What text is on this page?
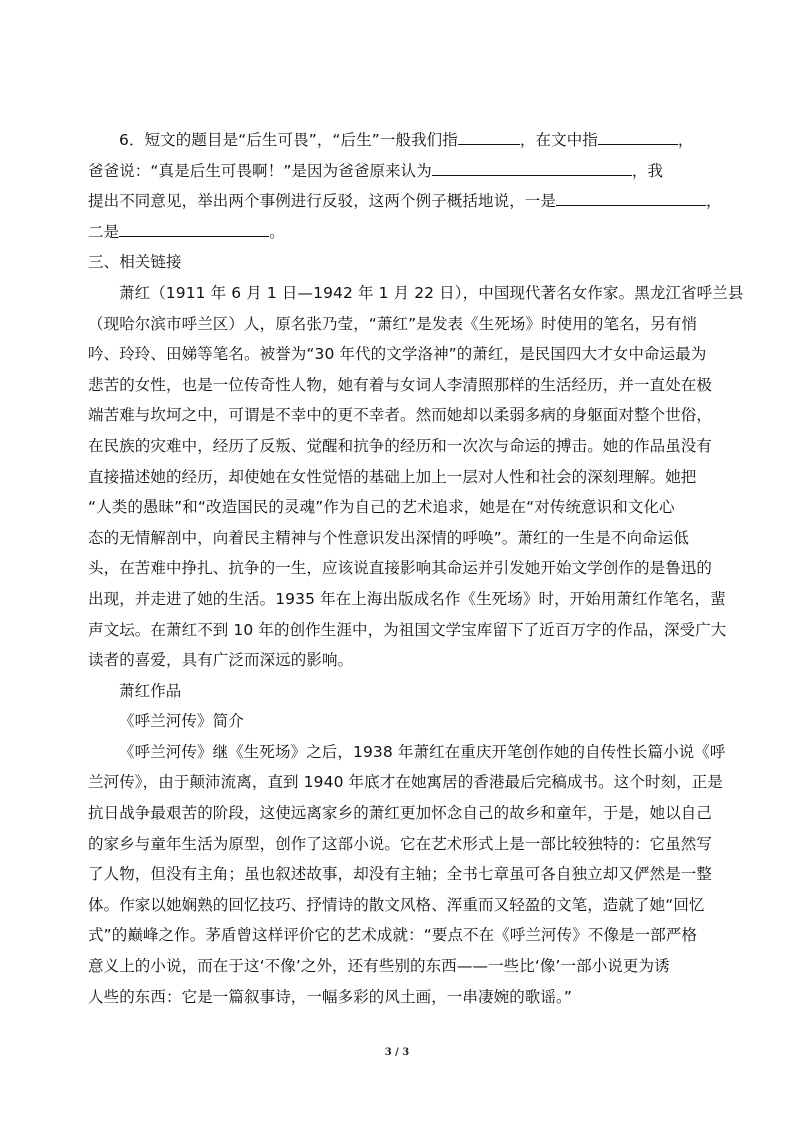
6．短文的题目是“后生可畏”，“后生”一般我们指	，在文中指	，
爸爸说：“真是后生可畏啊！”是因为爸爸原来认为	，我
提出不同意见，举出两个事例进行反驳，这两个例子概括地说，一是	，
二是	。
三、相关链接
萧红（1911 年 6 月 1 日—1942 年 1 月 22 日），中国现代著名女作家。黑龙江省呼兰县
（现哈尔滨市呼兰区）人，原名张乃莹，“萧红”是发表《生死场》时使用的笔名，另有悄
吟、玲玲、田娣等笔名。被誉为“30 年代的文学洛神”的萧红，是民国四大才女中命运最为
悲苦的女性，也是一位传奇性人物，她有着与女词人李清照那样的生活经历，并一直处在极
端苦难与坎坷之中，可谓是不幸中的更不幸者。然而她却以柔弱多病的身躯面对整个世俗，
在民族的灾难中，经历了反叛、觉醒和抗争的经历和一次次与命运的搏击。她的作品虽没有
直接描述她的经历，却使她在女性觉悟的基础上加上一层对人性和社会的深刻理解。她把
“人类的愚昧”和“改造国民的灵魂”作为自己的艺术追求，她是在“对传统意识和文化心
态的无情解剖中，向着民主精神与个性意识发出深情的呼唤”。萧红的一生是不向命运低
头，在苦难中挣扎、抗争的一生，应该说直接影响其命运并引发她开始文学创作的是鲁迅的
出现，并走进了她的生活。1935 年在上海出版成名作《生死场》时，开始用萧红作笔名，蜚
声文坛。在萧红不到 10 年的创作生涯中，为祖国文学宝库留下了近百万字的作品，深受广大
读者的喜爱，具有广泛而深远的影响。
萧红作品
《呼兰河传》简介
《呼兰河传》继《生死场》之后，1938 年萧红在重庆开笔创作她的自传性长篇小说《呼
兰河传》，由于颠沛流离，直到 1940 年底才在她寓居的香港最后完稿成书。这个时刻，正是
抗日战争最艰苦的阶段，这使远离家乡的萧红更加怀念自己的故乡和童年，于是，她以自己
的家乡与童年生活为原型，创作了这部小说。它在艺术形式上是一部比较独特的：它虽然写
了人物，但没有主角；虽也叙述故事，却没有主轴；全书七章虽可各自独立却又俨然是一整
体。作家以她娴熟的回忆技巧、抒情诗的散文风格、浑重而又轻盈的文笔，造就了她“回忆
式”的巅峰之作。茅盾曾这样评价它的艺术成就：“要点不在《呼兰河传》不像是一部严格
意义上的小说，而在于这‘不像’之外，还有些别的东西——一些比‘像’一部小说更为诱
人些的东西：它是一篇叙事诗，一幅多彩的风土画，一串凄婉的歌谣。”
3 / 3
